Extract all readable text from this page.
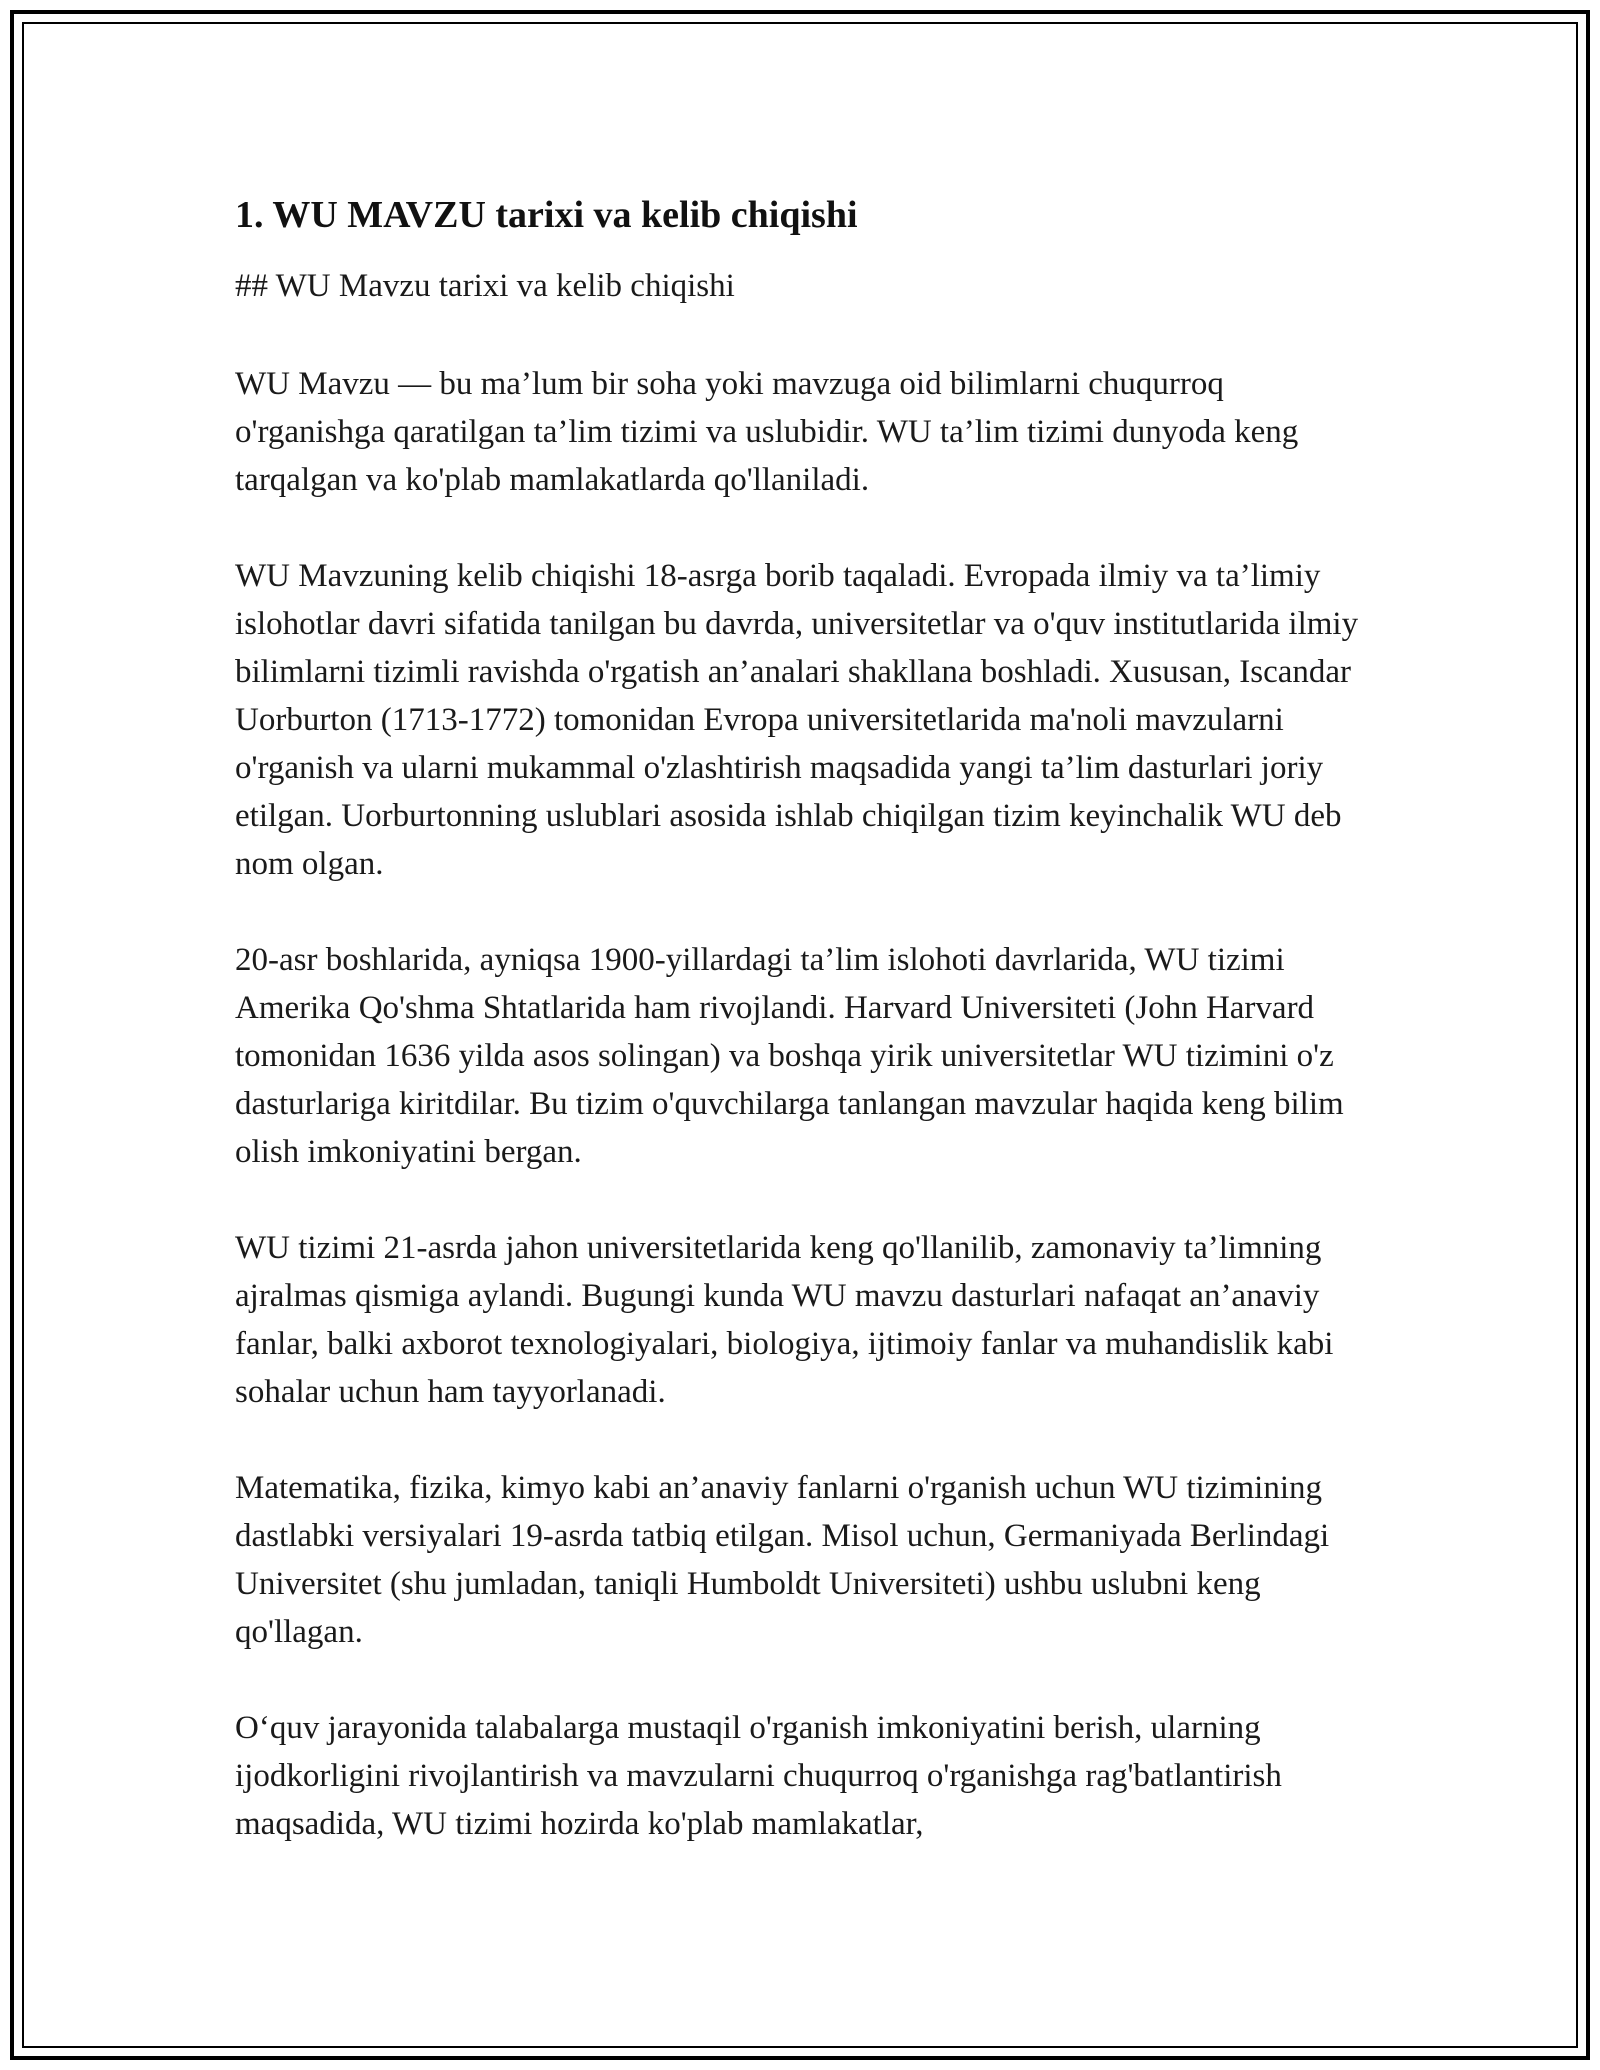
1. WU MAVZU tarixi va kelib chiqishi

## WU Mavzu tarixi va kelib chiqishi

WU Mavzu — bu ma’lum bir soha yoki mavzuga oid bilimlarni chuqurroq o'rganishga qaratilgan ta’lim tizimi va uslubidir. WU ta’lim tizimi dunyoda keng tarqalgan va ko'plab mamlakatlarda qo'llaniladi.

WU Mavzuning kelib chiqishi 18-asrga borib taqaladi. Evropada ilmiy va ta’limiy islohotlar davri sifatida tanilgan bu davrda, universitetlar va o'quv institutlarida ilmiy bilimlarni tizimli ravishda o'rgatish an’analari shakllana boshladi. Xususan, Iscandar Uorburton (1713-1772) tomonidan Evropa universitetlarida ma'noli mavzularni o'rganish va ularni mukammal o'zlashtirish maqsadida yangi ta’lim dasturlari joriy etilgan. Uorburtonning uslublari asosida ishlab chiqilgan tizim keyinchalik WU deb nom olgan.

20-asr boshlarida, ayniqsa 1900-yillardagi ta’lim islohoti davrlarida, WU tizimi Amerika Qo'shma Shtatlarida ham rivojlandi. Harvard Universiteti (John Harvard tomonidan 1636 yilda asos solingan) va boshqa yirik universitetlar WU tizimini o'z dasturlariga kiritdilar. Bu tizim o'quvchilarga tanlangan mavzular haqida keng bilim olish imkoniyatini bergan.

WU tizimi 21-asrda jahon universitetlarida keng qo'llanilib, zamonaviy ta’limning ajralmas qismiga aylandi. Bugungi kunda WU mavzu dasturlari nafaqat an’anaviy fanlar, balki axborot texnologiyalari, biologiya, ijtimoiy fanlar va muhandislik kabi sohalar uchun ham tayyorlanadi.

Matematika, fizika, kimyo kabi an’anaviy fanlarni o'rganish uchun WU tizimining dastlabki versiyalari 19-asrda tatbiq etilgan. Misol uchun, Germaniyada Berlindagi Universitet (shu jumladan, taniqli Humboldt Universiteti) ushbu uslubni keng qo'llagan.

O‘quv jarayonida talabalarga mustaqil o'rganish imkoniyatini berish, ularning ijodkorligini rivojlantirish va mavzularni chuqurroq o'rganishga rag'batlantirish maqsadida, WU tizimi hozirda ko'plab mamlakatlar,
